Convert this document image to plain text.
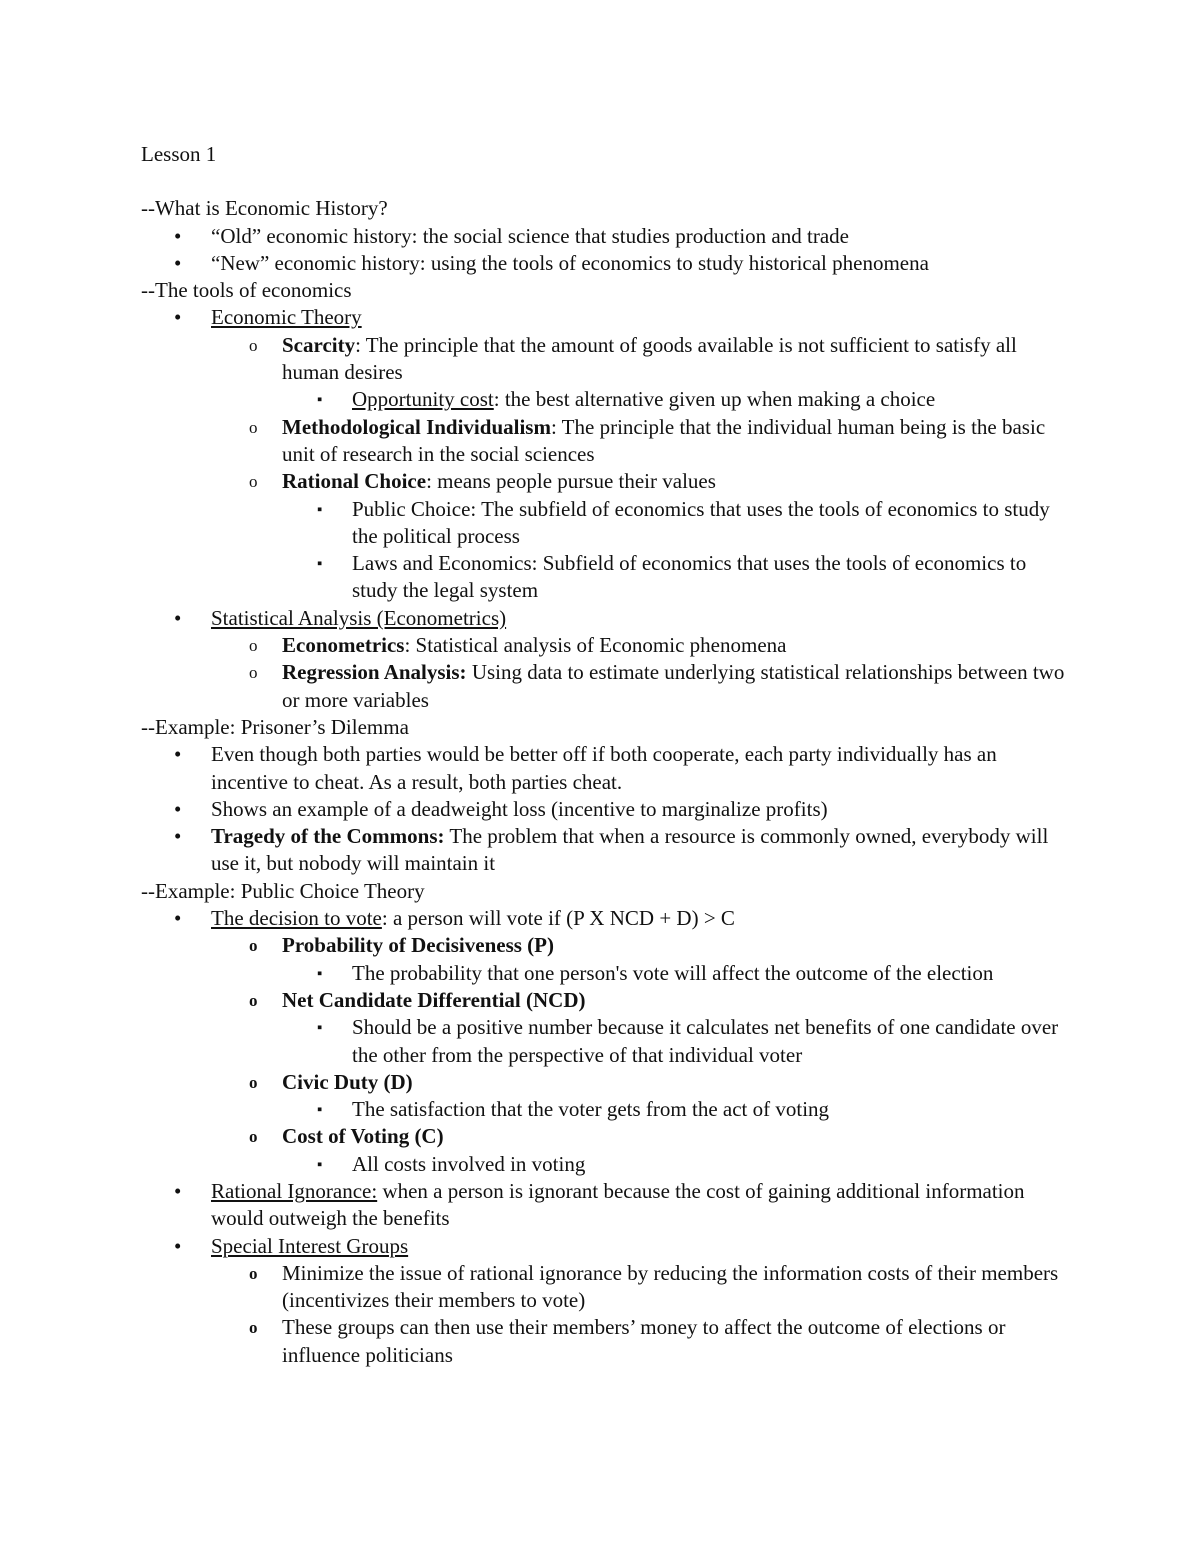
Lesson 1

--What is Economic History?

• “Old” economic history: the social science that studies production and trade

• “New” economic history: using the tools of economics to study historical phenomena

--The tools of economics

• Economic Theory

o Scarcity: The principle that the amount of goods available is not sufficient to satisfy all human desires

▪ Opportunity cost: the best alternative given up when making a choice

o Methodological Individualism: The principle that the individual human being is the basic unit of research in the social sciences

o Rational Choice: means people pursue their values

▪ Public Choice: The subfield of economics that uses the tools of economics to study the political process

▪ Laws and Economics: Subfield of economics that uses the tools of economics to study the legal system

• Statistical Analysis (Econometrics)

o Econometrics: Statistical analysis of Economic phenomena

o Regression Analysis: Using data to estimate underlying statistical relationships between two or more variables

--Example: Prisoner’s Dilemma

• Even though both parties would be better off if both cooperate, each party individually has an incentive to cheat. As a result, both parties cheat.

• Shows an example of a deadweight loss (incentive to marginalize profits)

• Tragedy of the Commons: The problem that when a resource is commonly owned, everybody will use it, but nobody will maintain it

--Example: Public Choice Theory

• The decision to vote: a person will vote if (P X NCD + D) > C

o Probability of Decisiveness (P)

▪ The probability that one person's vote will affect the outcome of the election

o Net Candidate Differential (NCD)

▪ Should be a positive number because it calculates net benefits of one candidate over the other from the perspective of that individual voter

o Civic Duty (D)

▪ The satisfaction that the voter gets from the act of voting

o Cost of Voting (C)

▪ All costs involved in voting

• Rational Ignorance: when a person is ignorant because the cost of gaining additional information would outweigh the benefits

• Special Interest Groups

o Minimize the issue of rational ignorance by reducing the information costs of their members (incentivizes their members to vote)

o These groups can then use their members’ money to affect the outcome of elections or influence politicians
